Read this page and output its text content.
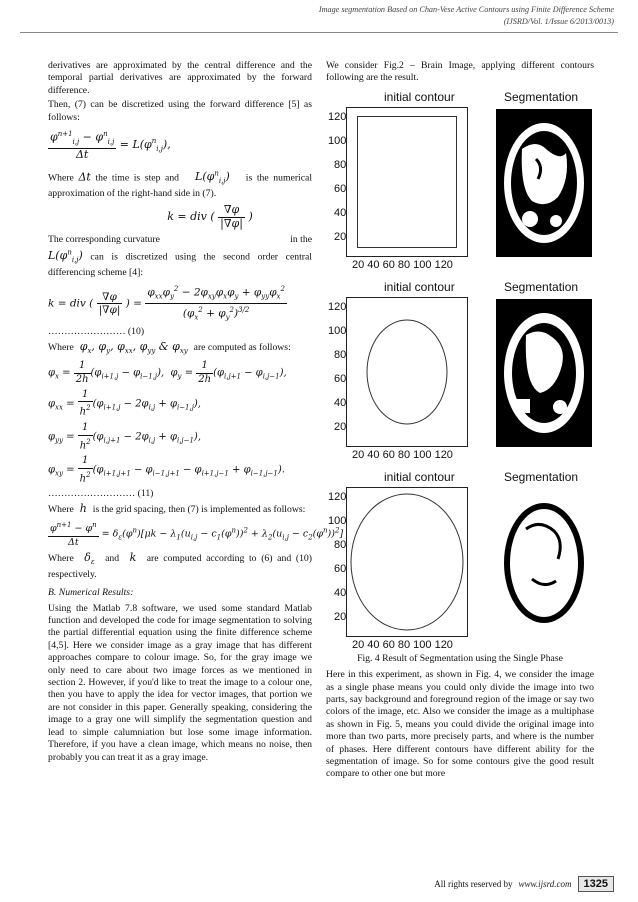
Image segmentation Based on Chan-Vese Active Contours using Finite Difference Scheme
(IJSRD/Vol. 1/Issue 6/2013/0013)
derivatives are approximated by the central difference and the temporal partial derivatives are approximated by the forward difference.
Then, (7) can be discretized using the forward difference [5] as follows:
$\frac{\varphi^{n+1}_{i,j} - \varphi^n_{i,j}}{\Delta t} = L(\varphi^n_{i,j})$,
Where Δt the time is step and   $L(\varphi^n_{i,j})$   is the numerical approximation of the right-hand side in (7).
k = div ( $\frac{\nabla\varphi}{|\nabla\varphi|}$ )
The corresponding curvature	in the

$L(\varphi^n_{i,j})$ can is discretized using the second order central differencing scheme [4]:
k = div ( $\frac{\nabla\varphi}{|\nabla\varphi|}$ ) = $\frac{\varphi_{xx}\varphi_y^2 - 2\varphi_{xy}\varphi_x\varphi_y + \varphi_{yy}\varphi_x^2}{(\varphi_x^2 + \varphi_y^2)^{3/2}}$
…………………… (10)
Where  $\varphi_x$, $\varphi_y$, $\varphi_{xx}$, $\varphi_{yy}$ & $\varphi_{xy}$ are computed as follows:
$\varphi_x = \frac{1}{2h} (\varphi_{i+1,j} - \varphi_{i-1,j})$,  $\varphi_y = \frac{1}{2h} (\varphi_{i,j+1} - \varphi_{i,j-1})$,
$\varphi_{xx} = \frac{1}{h^2} (\varphi_{i+1,j} - 2\varphi_{i,j} + \varphi_{i-1,j})$,
$\varphi_{yy} = \frac{1}{h^2} (\varphi_{i,j+1} - 2\varphi_{i,j} + \varphi_{i,j-1})$,
$\varphi_{xy} = \frac{1}{h^2} (\varphi_{i+1,j+1} - \varphi_{i-1,j+1} - \varphi_{i+1,j-1} + \varphi_{i-1,j-1})$.
……………………… (11)
Where  h  is the grid spacing, then (7) is implemented as follows:
$\frac{\varphi^{n+1} - \varphi^n}{\Delta t} = \delta_\varepsilon(\varphi^n)[\mu k - \lambda_1(u_{i,j} - c_1(\varphi^n))^2 + \lambda_2(u_{i,j} - c_2(\varphi^n))^2]$
Where  $\delta_\varepsilon$ and  k  are computed according to (6) and (10) respectively.
B. Numerical Results:
Using the Matlab 7.8 software, we used some standard Matlab function and developed the code for image segmentation to solving the partial differential equation using the finite difference scheme [4,5]. Here we consider image as a gray image that has different approaches compare to colour image. So, for the gray image we only need to care about two image forces as we mentioned in section 2. However, if you'd like to treat the image to a colour one, then you have to apply the idea for vector images, that portion we are not consider in this paper. Generally speaking, considering the image to a gray one will simplify the segmentation question and lead to simple calumniation but lose some image information. Therefore, if you have a clean image, which means no noise, then probably you can treat it as a gray image.
We consider Fig.2 – Brain Image, applying different contours following are the result.
initial contour	Segmentation
120
100
80
60
40
20
20 40 60 80 100 120
initial contour	Segmentation
120
100
80
60
40
20
20 40 60 80 100 120
initial contour	Segmentation
120
100
80
60
40
20
20 40 60 80 100 120
Fig. 4 Result of Segmentation using the Single Phase
Here in this experiment, as shown in Fig. 4, we consider the image as a single phase means you could only divide the image into two parts, say background and foreground region of the image or say two colors of the image, etc. Also we consider the image as a multiphase as shown in Fig. 5, means you could divide the original image into more than two parts, more precisely parts, and where is the number of phases. Here different contours have different ability for the segmentation of image. So for some contours give the good result compare to other one but more
All rights reserved by www.ijsrd.com	1325
